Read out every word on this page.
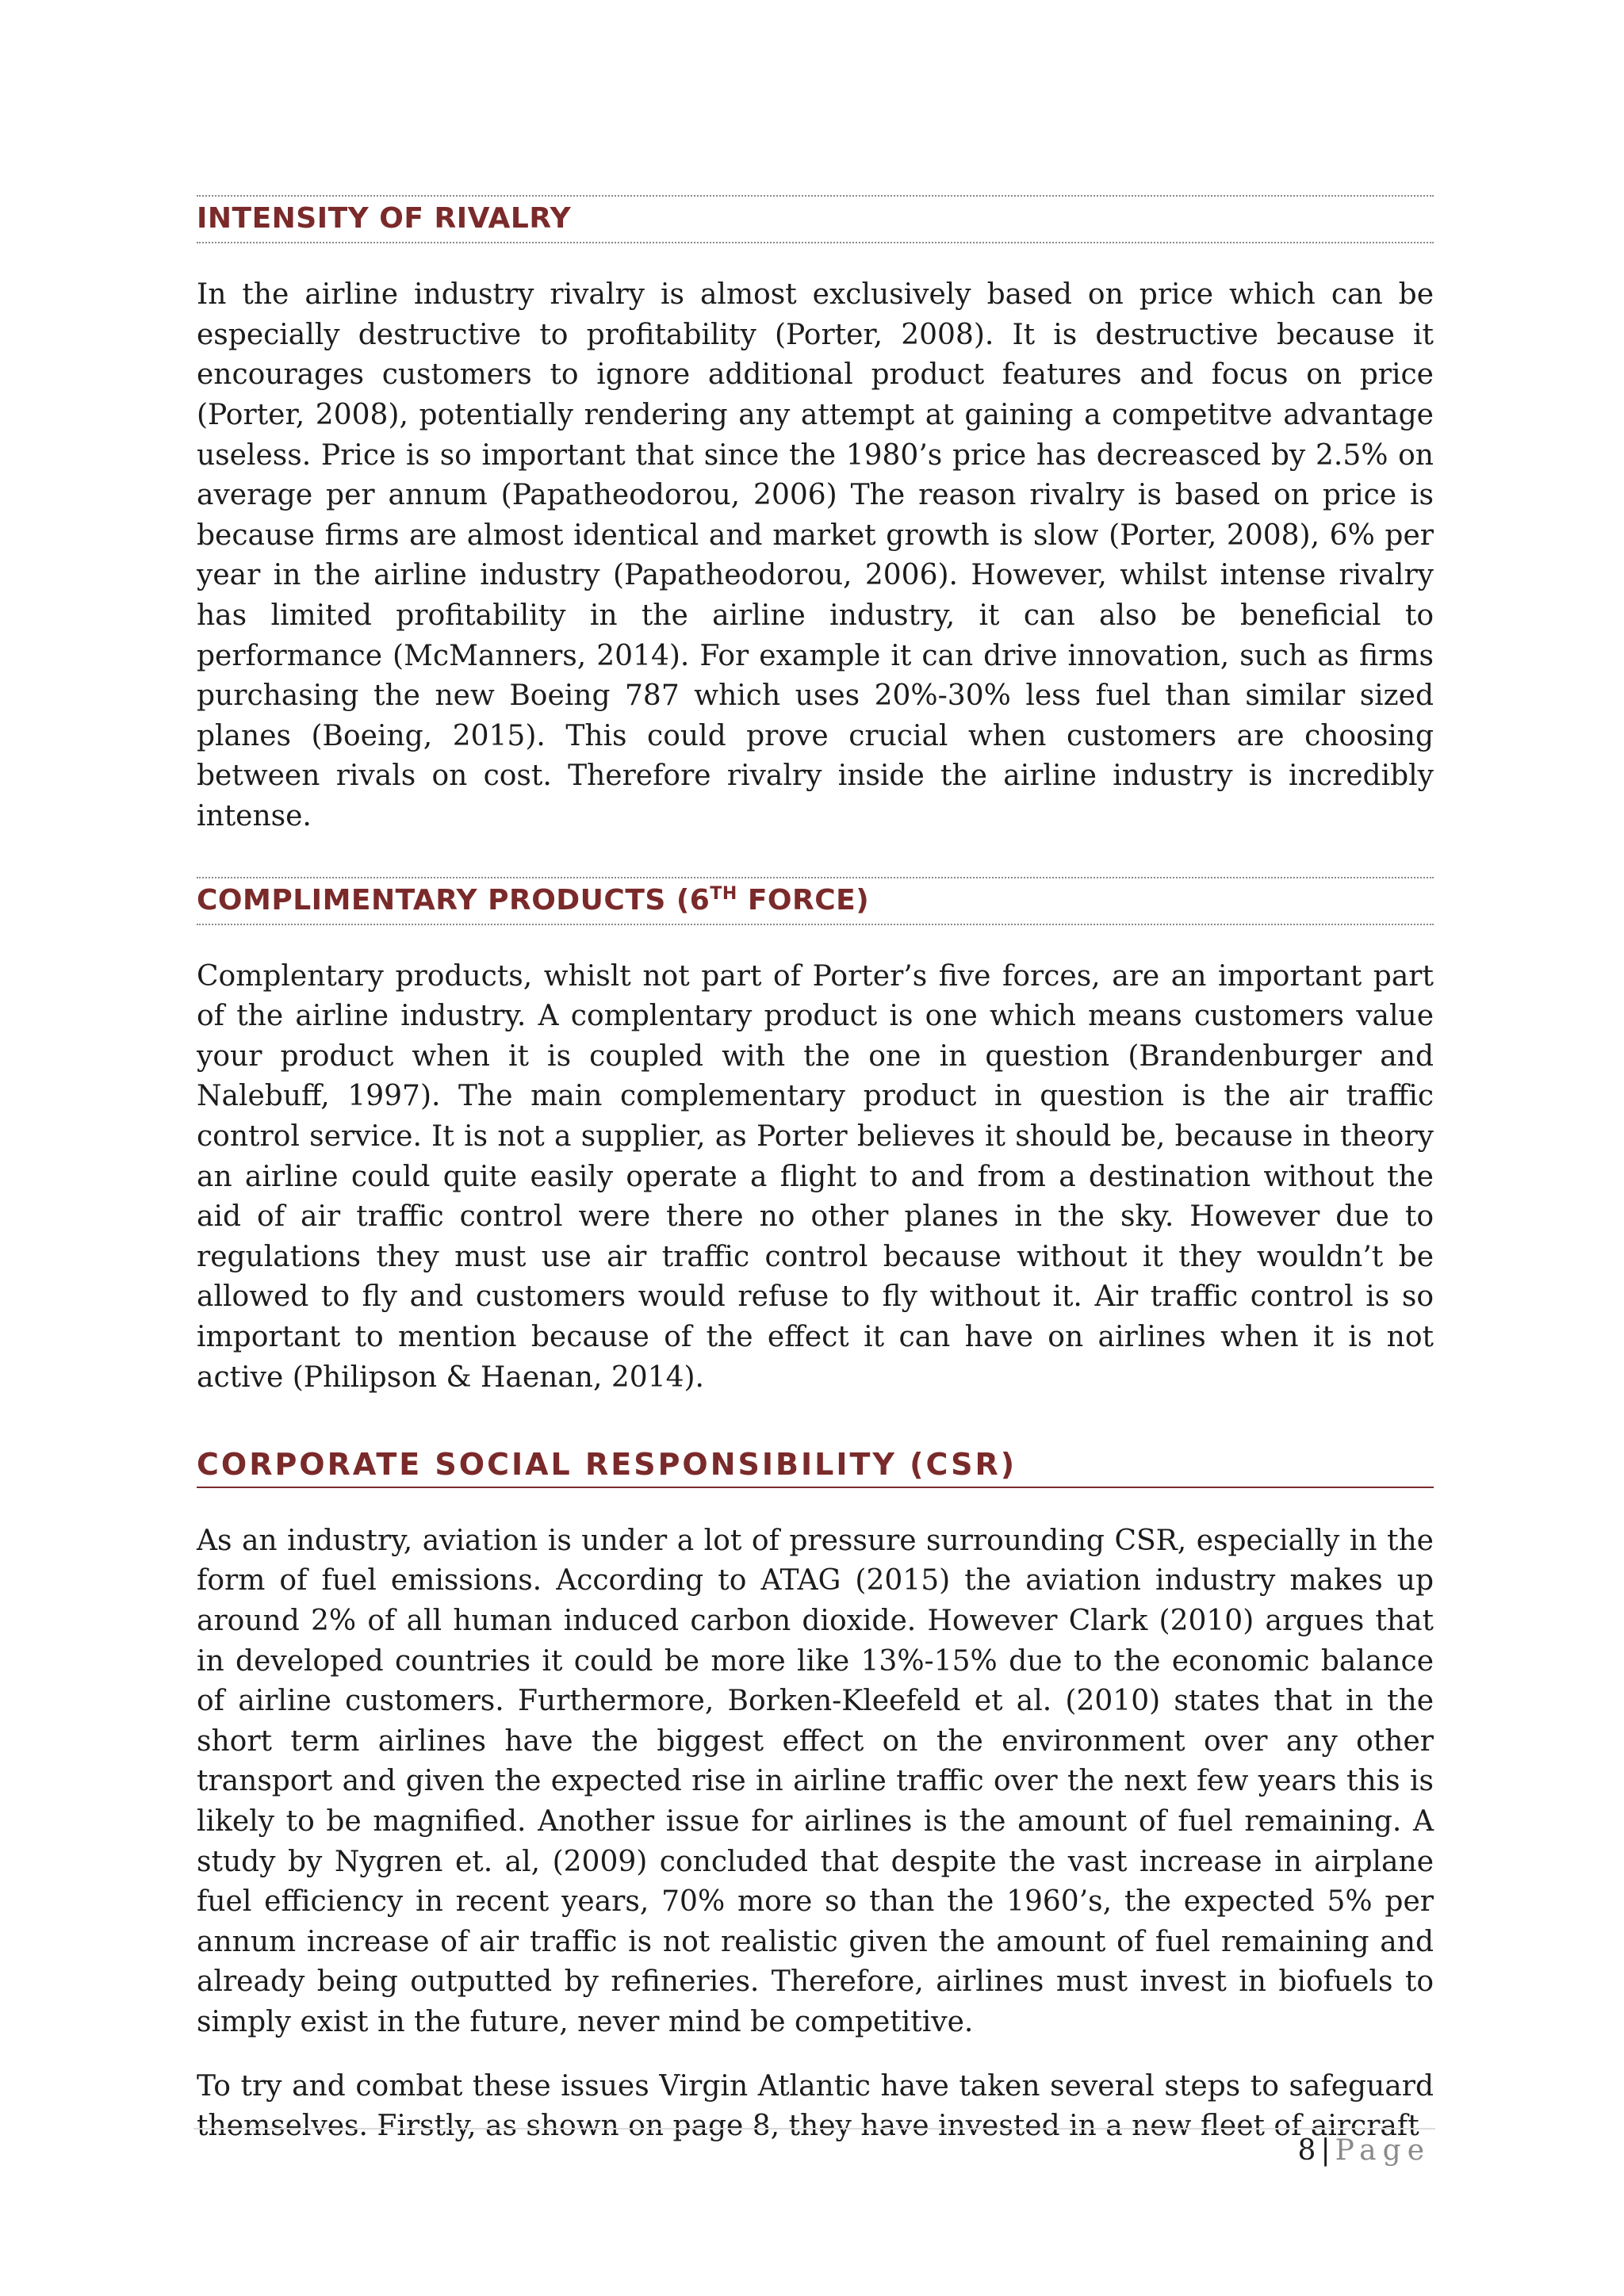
INTENSITY OF RIVALRY

In the airline industry rivalry is almost exclusively based on price which can be especially destructive to profitability (Porter, 2008). It is destructive because it encourages customers to ignore additional product features and focus on price (Porter, 2008), potentially rendering any attempt at gaining a competitve advantage useless. Price is so important that since the 1980’s price has decreasced by 2.5% on average per annum (Papatheodorou, 2006) The reason rivalry is based on price is because firms are almost identical and market growth is slow (Porter, 2008), 6% per year in the airline industry (Papatheodorou, 2006). However, whilst intense rivalry has limited profitability in the airline industry, it can also be beneficial to performance (McManners, 2014). For example it can drive innovation, such as firms purchasing the new Boeing 787 which uses 20%-30% less fuel than similar sized planes (Boeing, 2015). This could prove crucial when customers are choosing between rivals on cost. Therefore rivalry inside the airline industry is incredibly intense.

COMPLIMENTARY PRODUCTS (6TH FORCE)

Complentary products, whislt not part of Porter’s five forces, are an important part of the airline industry. A complentary product is one which means customers value your product when it is coupled with the one in question (Brandenburger and Nalebuff, 1997). The main complementary product in question is the air traffic control service. It is not a supplier, as Porter believes it should be, because in theory an airline could quite easily operate a flight to and from a destination without the aid of air traffic control were there no other planes in the sky. However due to regulations they must use air traffic control because without it they wouldn’t be allowed to fly and customers would refuse to fly without it. Air traffic control is so important to mention because of the effect it can have on airlines when it is not active (Philipson & Haenan, 2014).

CORPORATE SOCIAL RESPONSIBILITY (CSR)

As an industry, aviation is under a lot of pressure surrounding CSR, especially in the form of fuel emissions. According to ATAG (2015) the aviation industry makes up around 2% of all human induced carbon dioxide. However Clark (2010) argues that in developed countries it could be more like 13%-15% due to the economic balance of airline customers. Furthermore, Borken-Kleefeld et al. (2010) states that in the short term airlines have the biggest effect on the environment over any other transport and given the expected rise in airline traffic over the next few years this is likely to be magnified. Another issue for airlines is the amount of fuel remaining. A study by Nygren et. al, (2009) concluded that despite the vast increase in airplane fuel efficiency in recent years, 70% more so than the 1960’s, the expected 5% per annum increase of air traffic is not realistic given the amount of fuel remaining and already being outputted by refineries. Therefore, airlines must invest in biofuels to simply exist in the future, never mind be competitive.

To try and combat these issues Virgin Atlantic have taken several steps to safeguard themselves. Firstly, as shown on page 8, they have invested in a new fleet of aircraft

8 | Page
